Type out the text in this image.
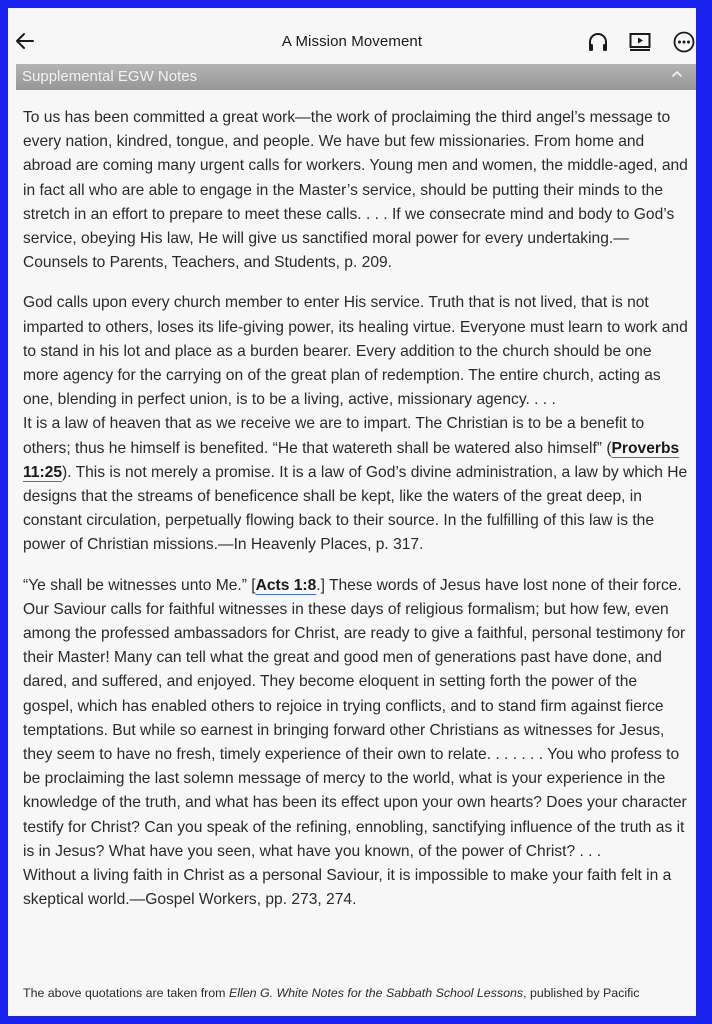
A Mission Movement
Supplemental EGW Notes

To us has been committed a great work—the work of proclaiming the third angel’s message to every nation, kindred, tongue, and people. We have but few missionaries. From home and abroad are coming many urgent calls for workers. Young men and women, the middle-aged, and in fact all who are able to engage in the Master’s service, should be putting their minds to the stretch in an effort to prepare to meet these calls. . . . If we consecrate mind and body to God’s service, obeying His law, He will give us sanctified moral power for every undertaking.—Counsels to Parents, Teachers, and Students, p. 209.

God calls upon every church member to enter His service. Truth that is not lived, that is not imparted to others, loses its life-giving power, its healing virtue. Everyone must learn to work and to stand in his lot and place as a burden bearer. Every addition to the church should be one more agency for the carrying on of the great plan of redemption. The entire church, acting as one, blending in perfect union, is to be a living, active, missionary agency. . . .

It is a law of heaven that as we receive we are to impart. The Christian is to be a benefit to others; thus he himself is benefited. “He that watereth shall be watered also himself” (Proverbs 11:25). This is not merely a promise. It is a law of God’s divine administration, a law by which He designs that the streams of beneficence shall be kept, like the waters of the great deep, in constant circulation, perpetually flowing back to their source. In the fulfilling of this law is the power of Christian missions.—In Heavenly Places, p. 317.

“Ye shall be witnesses unto Me.” [Acts 1:8.] These words of Jesus have lost none of their force. Our Saviour calls for faithful witnesses in these days of religious formalism; but how few, even among the professed ambassadors for Christ, are ready to give a faithful, personal testimony for their Master! Many can tell what the great and good men of generations past have done, and dared, and suffered, and enjoyed. They become eloquent in setting forth the power of the gospel, which has enabled others to rejoice in trying conflicts, and to stand firm against fierce temptations. But while so earnest in bringing forward other Christians as witnesses for Jesus, they seem to have no fresh, timely experience of their own to relate. . . . . . . You who profess to be proclaiming the last solemn message of mercy to the world, what is your experience in the knowledge of the truth, and what has been its effect upon your own hearts? Does your character testify for Christ? Can you speak of the refining, ennobling, sanctifying influence of the truth as it is in Jesus? What have you seen, what have you known, of the power of Christ? . . .

Without a living faith in Christ as a personal Saviour, it is impossible to make your faith felt in a skeptical world.—Gospel Workers, pp. 273, 274.

The above quotations are taken from Ellen G. White Notes for the Sabbath School Lessons, published by Pacific
